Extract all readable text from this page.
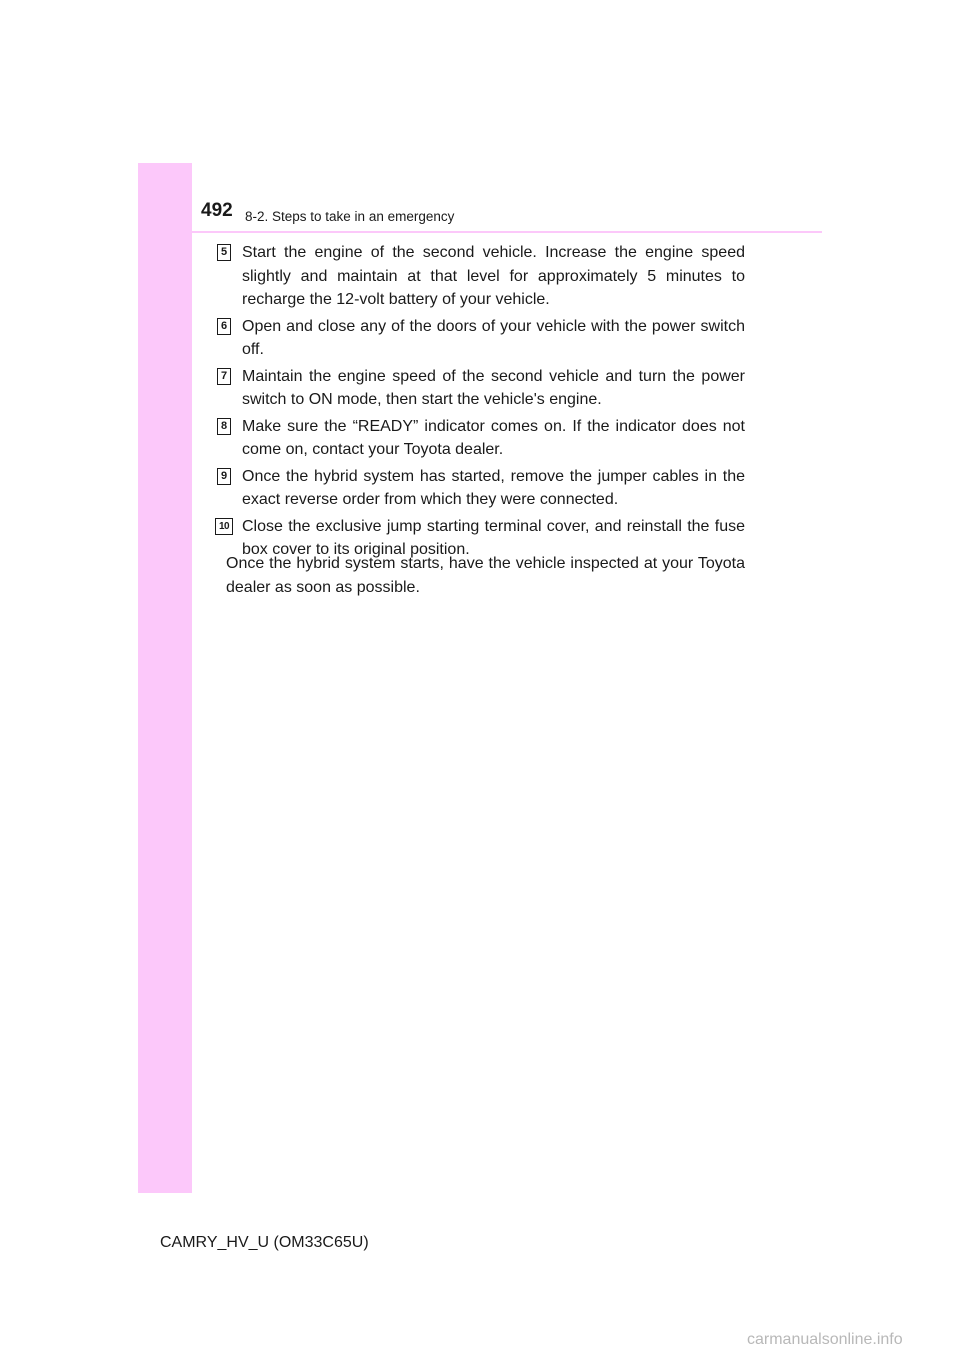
492 8-2. Steps to take in an emergency
5 Start the engine of the second vehicle. Increase the engine speed slightly and maintain at that level for approximately 5 minutes to recharge the 12-volt battery of your vehicle.

6 Open and close any of the doors of your vehicle with the power switch off.

7 Maintain the engine speed of the second vehicle and turn the power switch to ON mode, then start the vehicle's engine.

8 Make sure the “READY” indicator comes on. If the indicator does not come on, contact your Toyota dealer.

9 Once the hybrid system has started, remove the jumper cables in the exact reverse order from which they were connected.

10 Close the exclusive jump starting terminal cover, and reinstall the fuse box cover to its original position.

Once the hybrid system starts, have the vehicle inspected at your Toyota dealer as soon as possible.

CAMRY_HV_U (OM33C65U)
carmanualsonline.info
